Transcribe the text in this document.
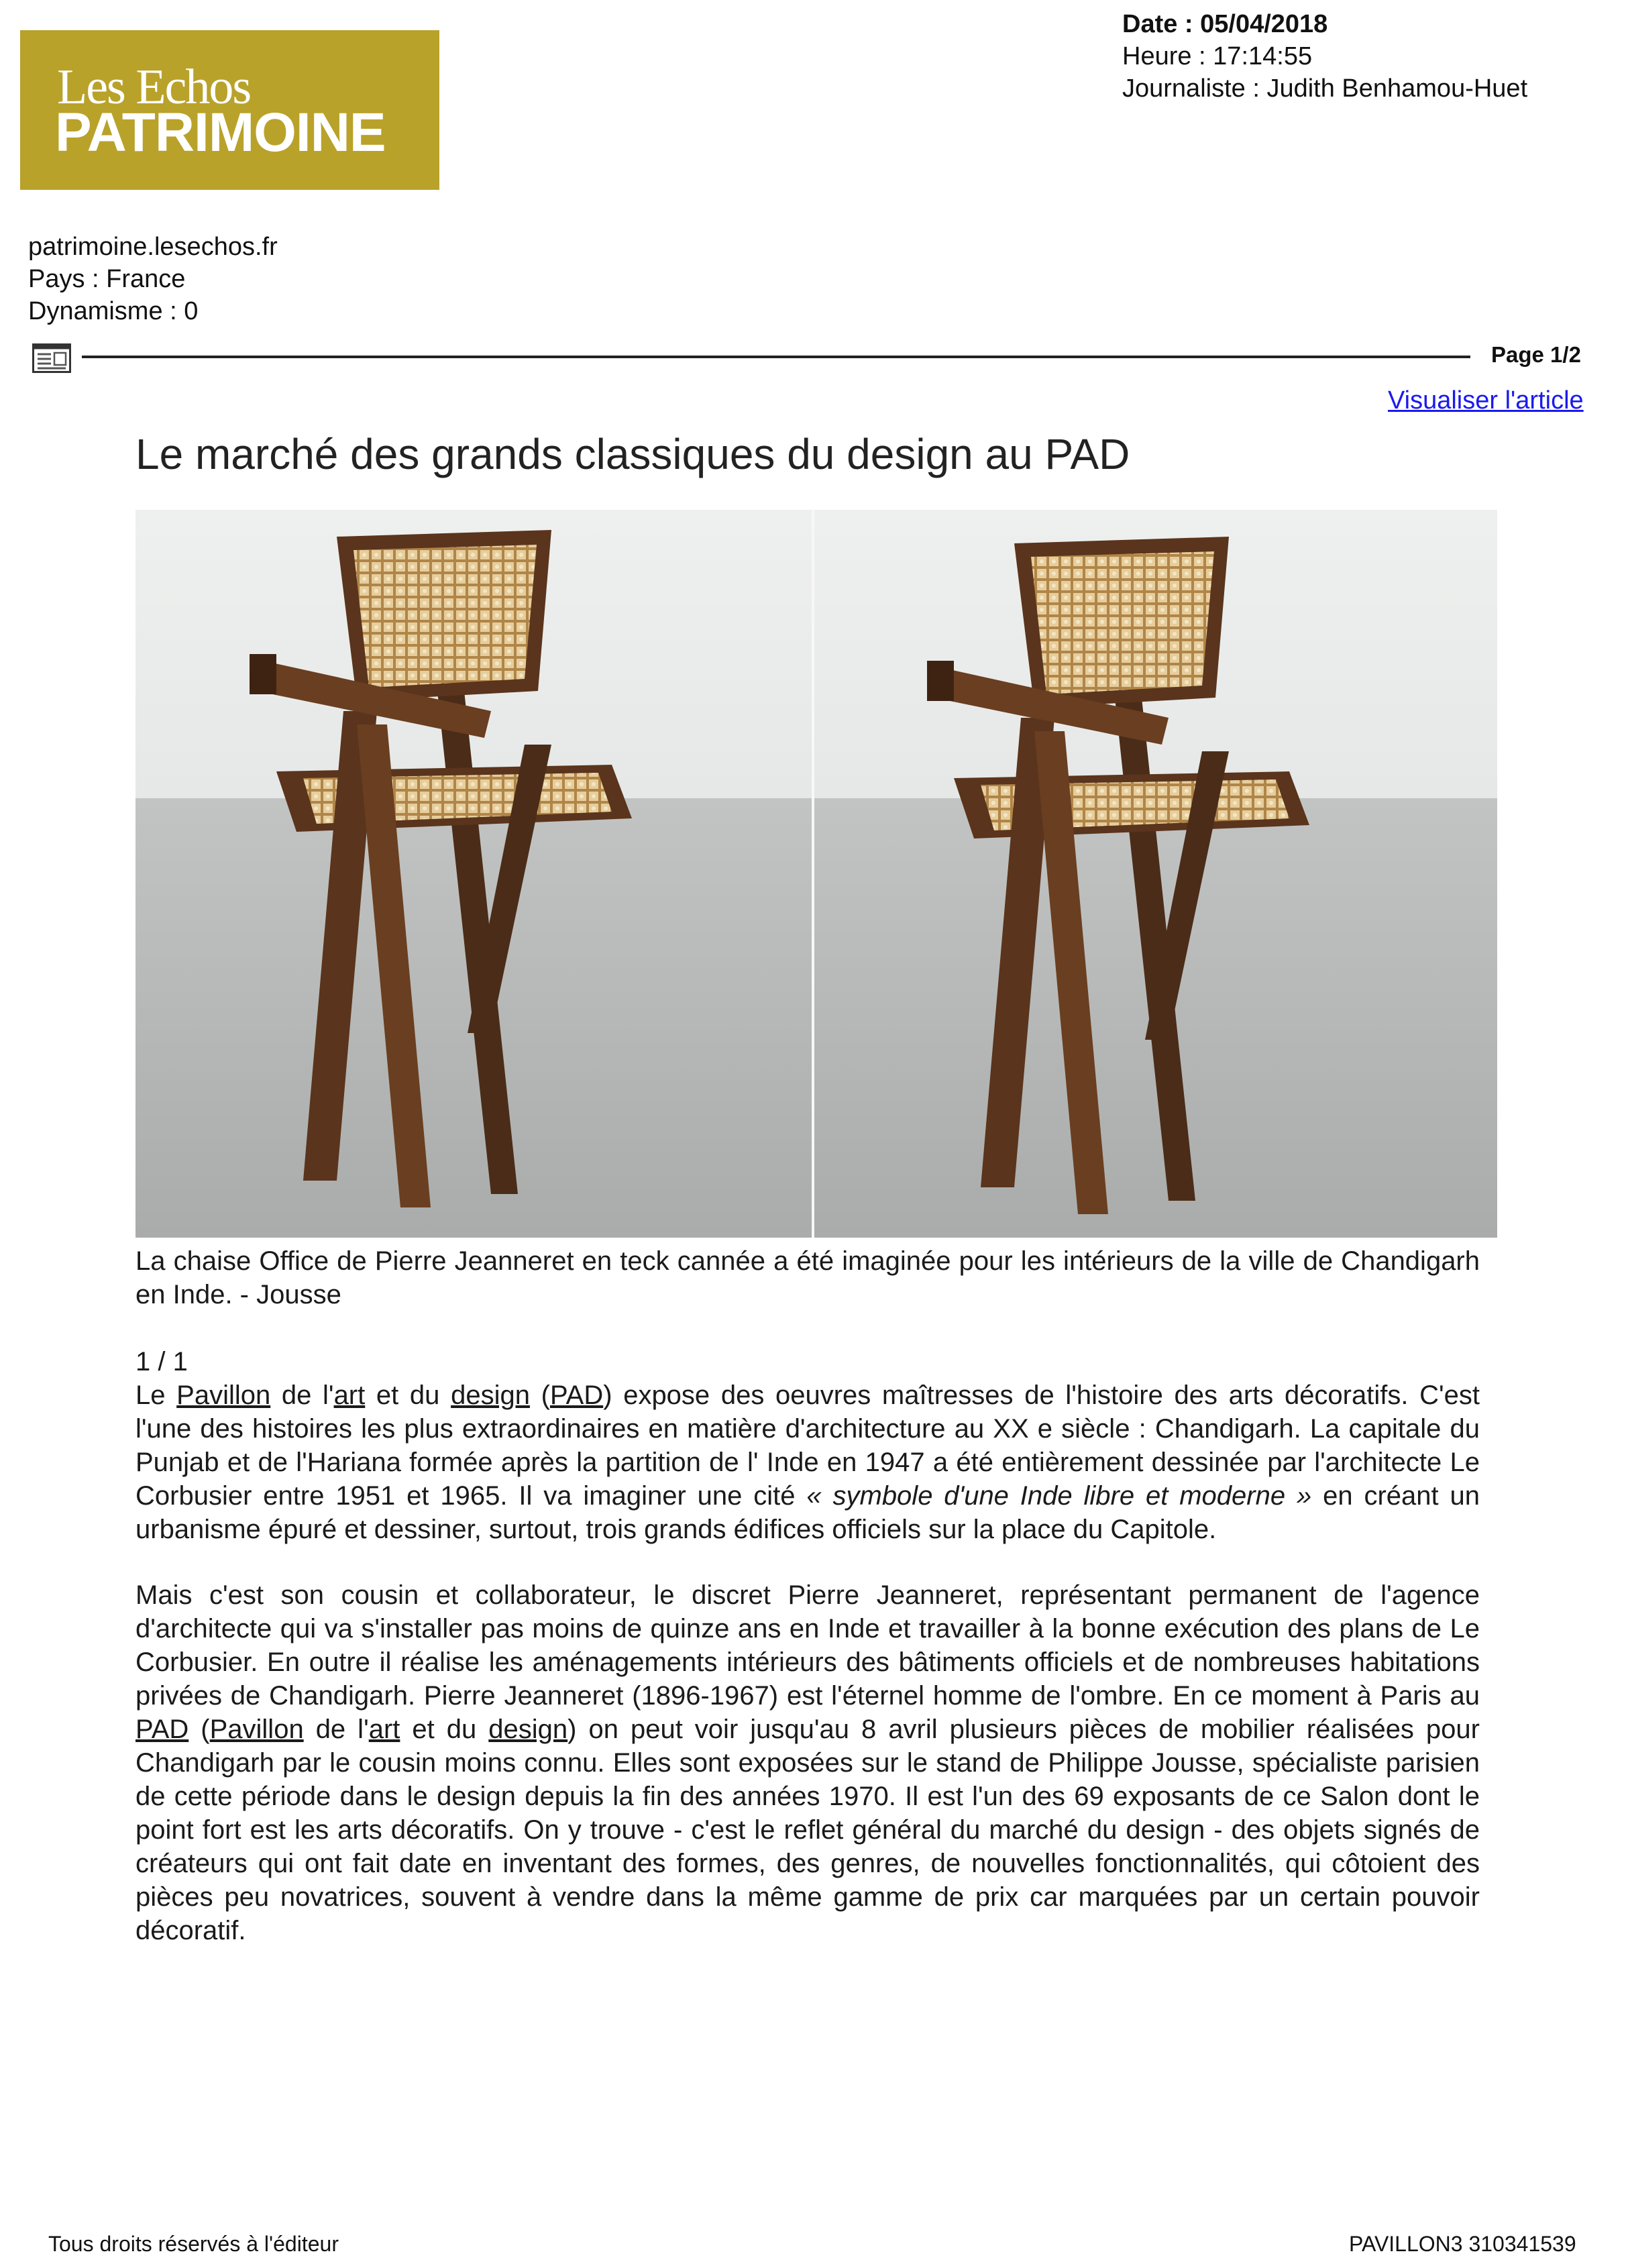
Les Echos
PATRIMOINE
Date : 05/04/2018
Heure : 17:14:55
Journaliste : Judith Benhamou-Huet
patrimoine.lesechos.fr
Pays : France
Dynamisme : 0
Page 1/2
Visualiser l'article
Le marché des grands classiques du design au PAD
La chaise Office de Pierre Jeanneret en teck cannée a été imaginée pour les intérieurs de la ville de Chandigarh en Inde. - Jousse
1 / 1
Le Pavillon de l'art et du design (PAD) expose des oeuvres maîtresses de l'histoire des arts décoratifs. C'est l'une des histoires les plus extraordinaires en matière d'architecture au XX e siècle : Chandigarh. La capitale du Punjab et de l'Hariana formée après la partition de l' Inde en 1947 a été entièrement dessinée par l'architecte Le Corbusier entre 1951 et 1965. Il va imaginer une cité « symbole d'une Inde libre et moderne » en créant un urbanisme épuré et dessiner, surtout, trois grands édifices officiels sur la place du Capitole.
Mais c'est son cousin et collaborateur, le discret Pierre Jeanneret, représentant permanent de l'agence d'architecte qui va s'installer pas moins de quinze ans en Inde et travailler à la bonne exécution des plans de Le Corbusier. En outre il réalise les aménagements intérieurs des bâtiments officiels et de nombreuses habitations privées de Chandigarh. Pierre Jeanneret (1896-1967) est l'éternel homme de l'ombre. En ce moment à Paris au PAD (Pavillon de l'art et du design) on peut voir jusqu'au 8 avril plusieurs pièces de mobilier réalisées pour Chandigarh par le cousin moins connu. Elles sont exposées sur le stand de Philippe Jousse, spécialiste parisien de cette période dans le design depuis la fin des années 1970. Il est l'un des 69 exposants de ce Salon dont le point fort est les arts décoratifs. On y trouve - c'est le reflet général du marché du design - des objets signés de créateurs qui ont fait date en inventant des formes, des genres, de nouvelles fonctionnalités, qui côtoient des pièces peu novatrices, souvent à vendre dans la même gamme de prix car marquées par un certain pouvoir décoratif.
Tous droits réservés à l'éditeur	PAVILLON3 310341539
